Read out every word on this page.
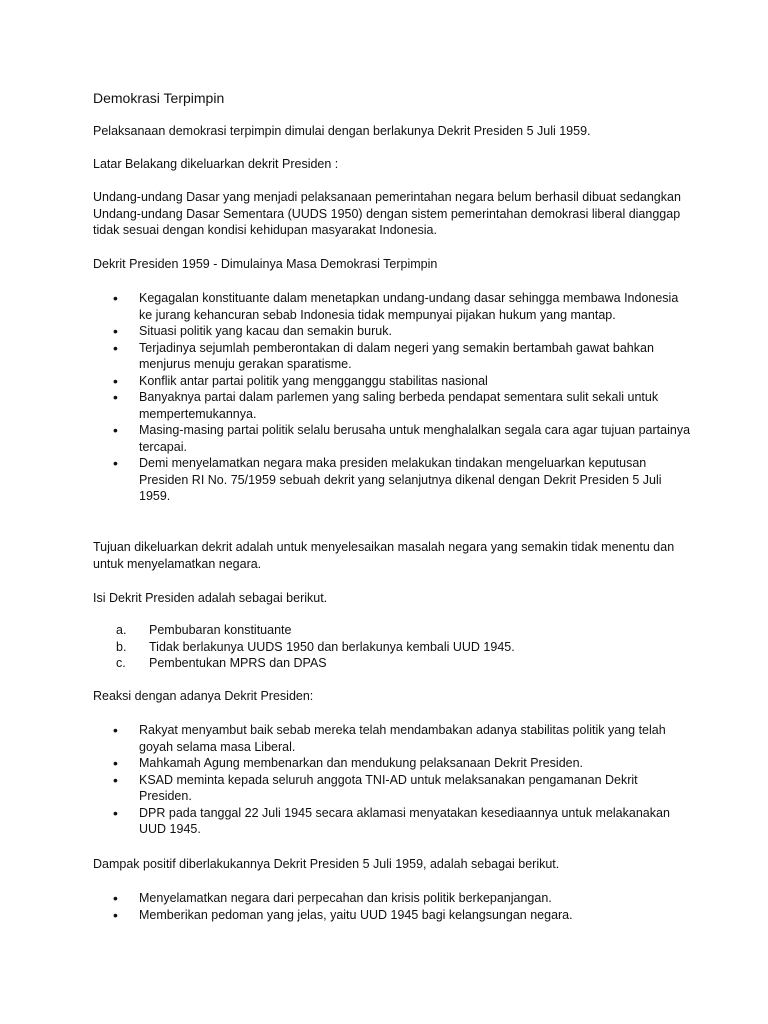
Demokrasi Terpimpin

Pelaksanaan demokrasi terpimpin dimulai dengan berlakunya Dekrit Presiden 5 Juli 1959.

Latar Belakang dikeluarkan dekrit Presiden :

Undang-undang Dasar yang menjadi pelaksanaan pemerintahan negara belum berhasil dibuat sedangkan Undang-undang Dasar Sementara (UUDS 1950) dengan sistem pemerintahan demokrasi liberal dianggap tidak sesuai dengan kondisi kehidupan masyarakat Indonesia.

Dekrit Presiden 1959 - Dimulainya Masa Demokrasi Terpimpin

• Kegagalan konstituante dalam menetapkan undang-undang dasar sehingga membawa Indonesia ke jurang kehancuran sebab Indonesia tidak mempunyai pijakan hukum yang mantap.
• Situasi politik yang kacau dan semakin buruk.
• Terjadinya sejumlah pemberontakan di dalam negeri yang semakin bertambah gawat bahkan menjurus menuju gerakan sparatisme.
• Konflik antar partai politik yang mengganggu stabilitas nasional
• Banyaknya partai dalam parlemen yang saling berbeda pendapat sementara sulit sekali untuk mempertemukannya.
• Masing-masing partai politik selalu berusaha untuk menghalalkan segala cara agar tujuan partainya tercapai.
• Demi menyelamatkan negara maka presiden melakukan tindakan mengeluarkan keputusan Presiden RI No. 75/1959 sebuah dekrit yang selanjutnya dikenal dengan Dekrit Presiden 5 Juli 1959.

Tujuan dikeluarkan dekrit adalah untuk menyelesaikan masalah negara yang semakin tidak menentu dan untuk menyelamatkan negara.

Isi Dekrit Presiden adalah sebagai berikut.

a. Pembubaran konstituante
b. Tidak berlakunya UUDS 1950 dan berlakunya kembali UUD 1945.
c. Pembentukan MPRS dan DPAS

Reaksi dengan adanya Dekrit Presiden:

• Rakyat menyambut baik sebab mereka telah mendambakan adanya stabilitas politik yang telah goyah selama masa Liberal.
• Mahkamah Agung membenarkan dan mendukung pelaksanaan Dekrit Presiden.
• KSAD meminta kepada seluruh anggota TNI-AD untuk melaksanakan pengamanan Dekrit Presiden.
• DPR pada tanggal 22 Juli 1945 secara aklamasi menyatakan kesediaannya untuk melakanakan UUD 1945.

Dampak positif diberlakukannya Dekrit Presiden 5 Juli 1959, adalah sebagai berikut.

• Menyelamatkan negara dari perpecahan dan krisis politik berkepanjangan.
• Memberikan pedoman yang jelas, yaitu UUD 1945 bagi kelangsungan negara.
